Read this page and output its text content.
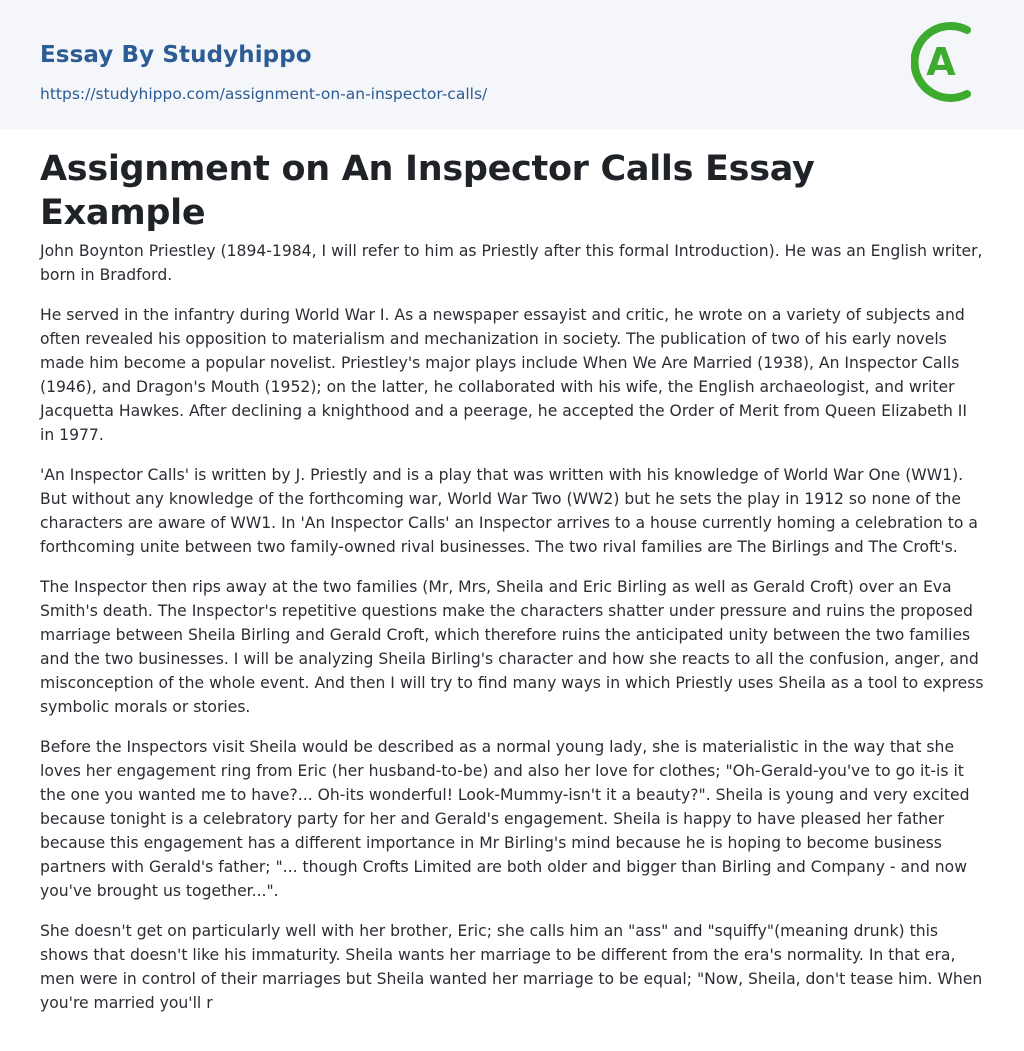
Essay By Studyhippo
https://studyhippo.com/assignment-on-an-inspector-calls/
A
Assignment on An Inspector Calls Essay Example

John Boynton Priestley (1894-1984, I will refer to him as Priestly after this formal Introduction). He was an English writer, born in Bradford.

He served in the infantry during World War I. As a newspaper essayist and critic, he wrote on a variety of subjects and often revealed his opposition to materialism and mechanization in society. The publication of two of his early novels made him become a popular novelist. Priestley's major plays include When We Are Married (1938), An Inspector Calls (1946), and Dragon's Mouth (1952); on the latter, he collaborated with his wife, the English archaeologist, and writer Jacquetta Hawkes. After declining a knighthood and a peerage, he accepted the Order of Merit from Queen Elizabeth II in 1977.

'An Inspector Calls' is written by J. Priestly and is a play that was written with his knowledge of World War One (WW1). But without any knowledge of the forthcoming war, World War Two (WW2) but he sets the play in 1912 so none of the characters are aware of WW1. In 'An Inspector Calls' an Inspector arrives to a house currently homing a celebration to a forthcoming unite between two family-owned rival businesses. The two rival families are The Birlings and The Croft's.

The Inspector then rips away at the two families (Mr, Mrs, Sheila and Eric Birling as well as Gerald Croft) over an Eva Smith's death. The Inspector's repetitive questions make the characters shatter under pressure and ruins the proposed marriage between Sheila Birling and Gerald Croft, which therefore ruins the anticipated unity between the two families and the two businesses. I will be analyzing Sheila Birling's character and how she reacts to all the confusion, anger, and misconception of the whole event. And then I will try to find many ways in which Priestly uses Sheila as a tool to express symbolic morals or stories.

Before the Inspectors visit Sheila would be described as a normal young lady, she is materialistic in the way that she loves her engagement ring from Eric (her husband-to-be) and also her love for clothes; "Oh-Gerald-you've to go it-is it the one you wanted me to have?... Oh-its wonderful! Look-Mummy-isn't it a beauty?". Sheila is young and very excited because tonight is a celebratory party for her and Gerald's engagement. Sheila is happy to have pleased her father because this engagement has a different importance in Mr Birling's mind because he is hoping to become business partners with Gerald's father; "... though Crofts Limited are both older and bigger than Birling and Company - and now you've brought us together...".

She doesn't get on particularly well with her brother, Eric; she calls him an "ass" and "squiffy"(meaning drunk) this shows that doesn't like his immaturity. Sheila wants her marriage to be different from the era's normality. In that era, men were in control of their marriages but Sheila wanted her marriage to be equal; "Now, Sheila, don't tease him. When you're married you'll r
